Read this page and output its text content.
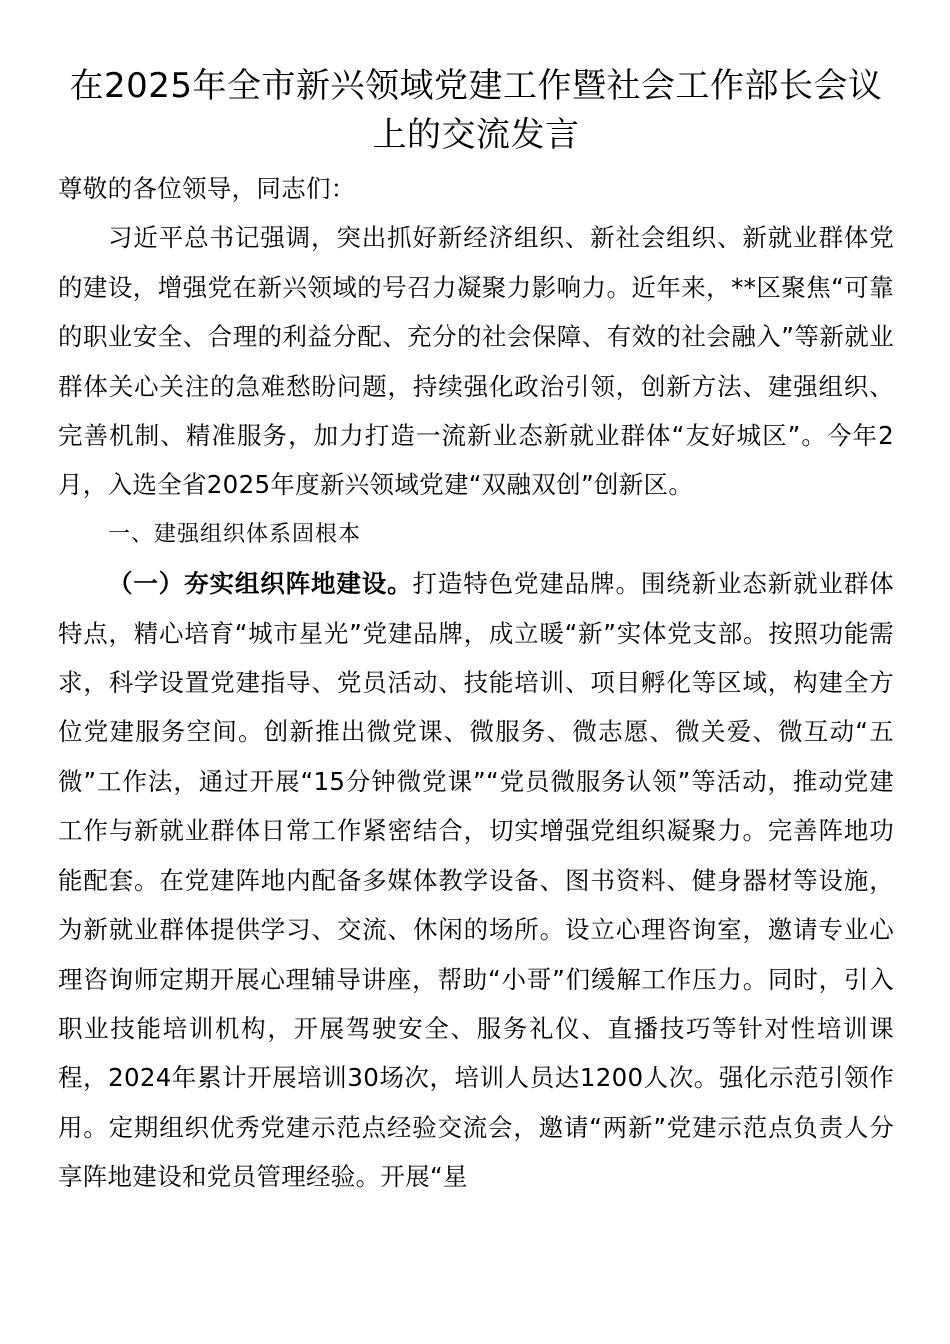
在2025年全市新兴领域党建工作暨社会工作部长会议上的交流发言

尊敬的各位领导，同志们：

习近平总书记强调，突出抓好新经济组织、新社会组织、新就业群体党的建设，增强党在新兴领域的号召力凝聚力影响力。近年来，**区聚焦“可靠的职业安全、合理的利益分配、充分的社会保障、有效的社会融入”等新就业群体关心关注的急难愁盼问题，持续强化政治引领，创新方法、建强组织、完善机制、精准服务，加力打造一流新业态新就业群体“友好城区”。今年2月，入选全省2025年度新兴领域党建“双融双创”创新区。

一、建强组织体系固根本

（一）夯实组织阵地建设。打造特色党建品牌。围绕新业态新就业群体特点，精心培育“城市星光”党建品牌，成立暖“新”实体党支部。按照功能需求，科学设置党建指导、党员活动、技能培训、项目孵化等区域，构建全方位党建服务空间。创新推出微党课、微服务、微志愿、微关爱、微互动“五微”工作法，通过开展“15分钟微党课”“党员微服务认领”等活动，推动党建工作与新就业群体日常工作紧密结合，切实增强党组织凝聚力。完善阵地功能配套。在党建阵地内配备多媒体教学设备、图书资料、健身器材等设施，为新就业群体提供学习、交流、休闲的场所。设立心理咨询室，邀请专业心理咨询师定期开展心理辅导讲座，帮助“小哥”们缓解工作压力。同时，引入职业技能培训机构，开展驾驶安全、服务礼仪、直播技巧等针对性培训课程，2024年累计开展培训30场次，培训人员达1200人次。强化示范引领作用。定期组织优秀党建示范点经验交流会，邀请“两新”党建示范点负责人分享阵地建设和党员管理经验。开展“星
